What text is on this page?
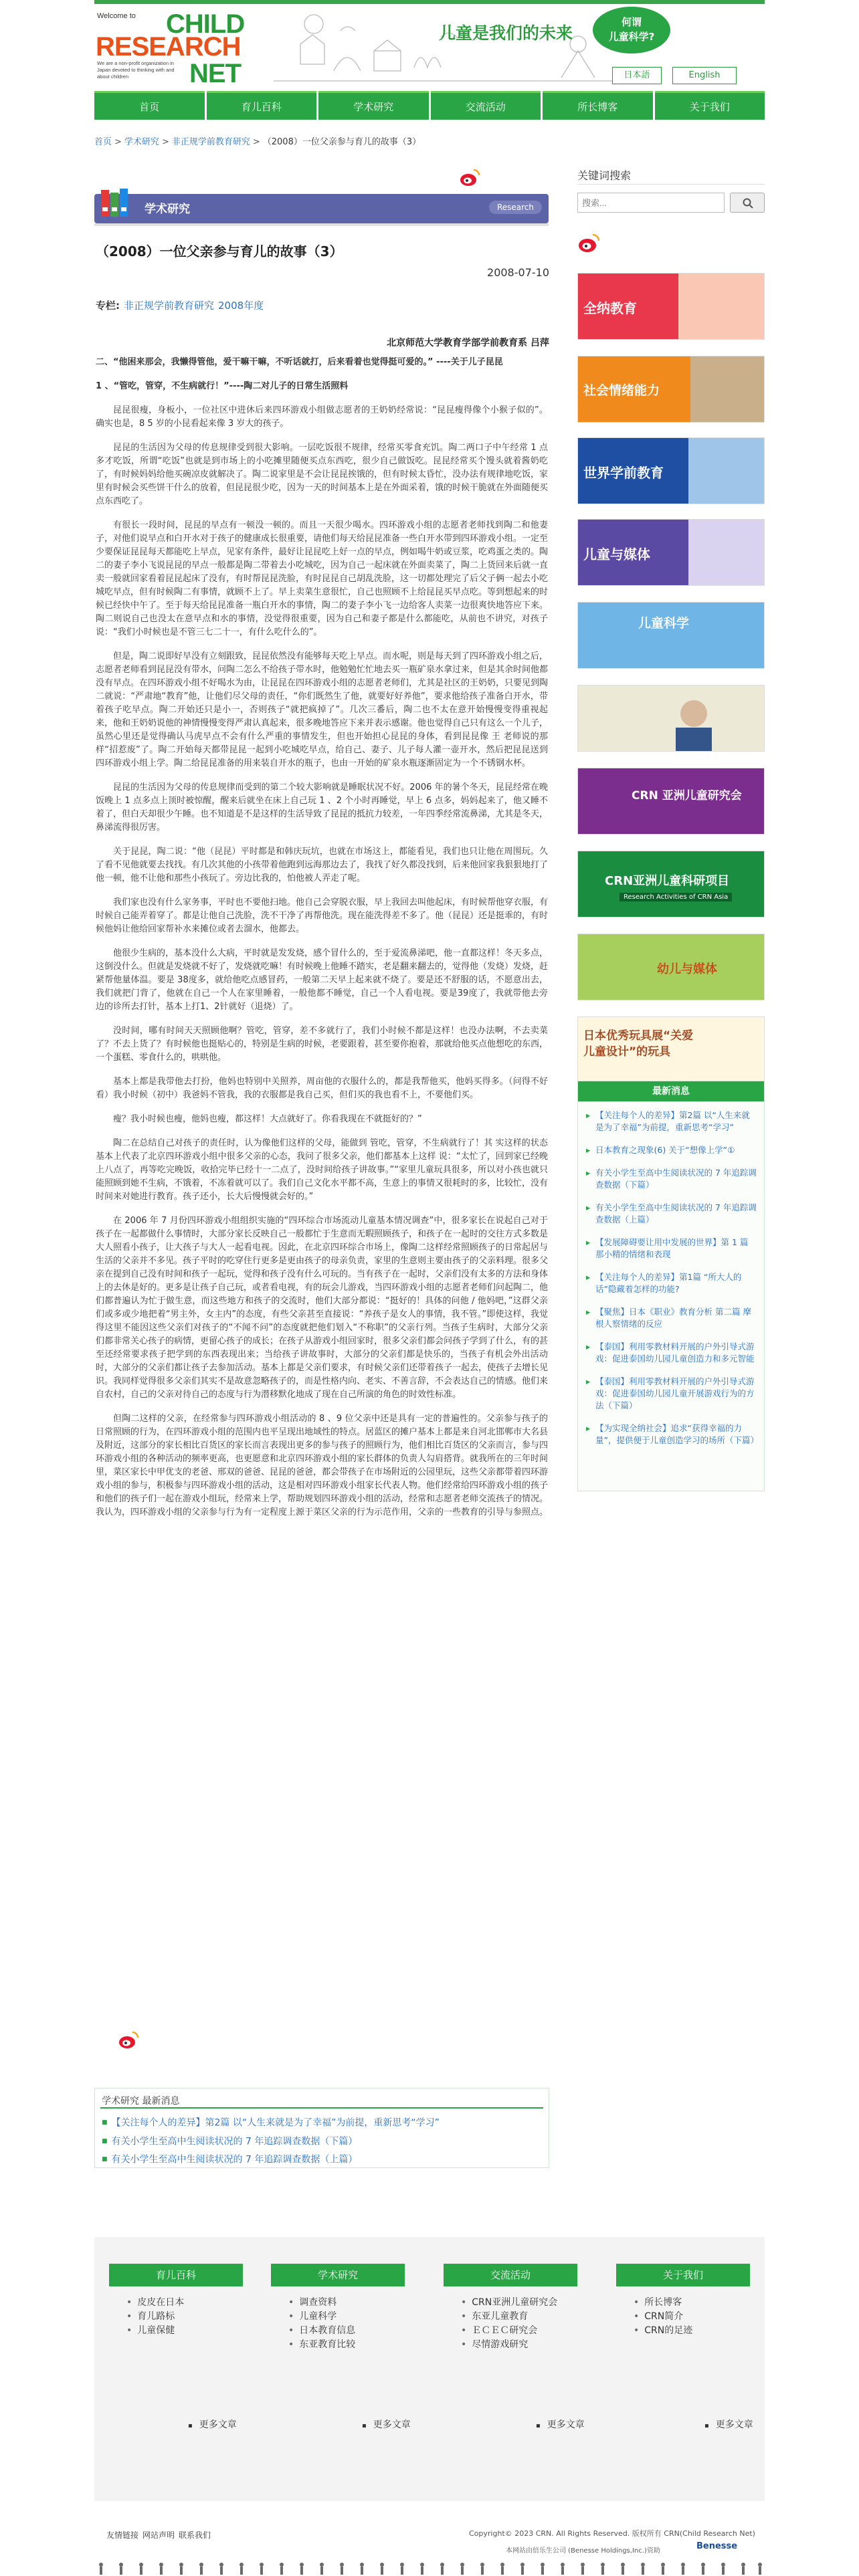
Welcome to CHILD
RESEARCH
We are a non-profit organization in Japan devoted to thinking with and about children	NET
儿童是我们的未来
何谓
儿童科学?
日本語	English
首页	育儿百科	学术研究	交流活动	所长博客	关于我们
首页 > 学术研究 > 非正规学前教育研究 > （2008）一位父亲参与育儿的故事（3）
学术研究	Research
（2008）一位父亲参与育儿的故事（3）
2008-07-10
专栏: 非正规学前教育研究 2008年度
北京师范大学教育学部学前教育系 吕萍

二、“他困来那会，我懒得管他，爱干嘛干嘛，不听话就打，后来看着也觉得挺可爱的。” ----关于儿子昆昆

1 、“管吃，管穿，不生病就行！”----陶二对儿子的日常生活照料

昆昆很瘦，身板小，一位社区中进休后来四环游戏小组做志愿者的王奶奶经常说：“昆昆瘦得像个小猴子似的”。确实也是，8 5 岁的小昆看起来像 3 岁大的孩子。

昆昆的生活因为父母的传息规律受到很大影响。一层吃饭很不规律，经常买零食充饥。陶二两口子中午经常 1 点多才吃饭，所谓“吃饭”也就是到市场上的小吃摊里随便买点东西吃，很少自己做饭吃。昆昆经常买个馒头就着酱奶吃了，有时候妈妈给他买碗凉皮就解决了。陶二说家里是不会让昆昆挨饿的，但有时候太昏忙，没办法有规律地吃饭，家里有时候会买些饼干什么的放着，但昆昆很少吃，因为一天的时间基本上是在外面采着，饿的时候干脆就在外面随便买点东西吃了。

有很长一段时间，昆昆的早点有一顿没一顿的。而且一天很少喝水。四环游戏小组的志愿者老师找到陶二和他妻子，对他们说早点和白开水对于孩子的健康成长很重要，请他们每天给昆昆准备一些白开水带到四环游戏小组。一定至少要保证昆昆每天都能吃上早点，见家有条件，最好让昆昆吃上好一点的早点，例如喝牛奶或豆浆，吃鸡蛋之类的。陶二的妻子李小飞说昆昆的早点一般都是陶二带着去小吃城吃，因为自己一起床就在外面卖菜了，陶二上货回来后就一直卖一般就回家看着昆昆起床了没有，有时帮昆昆洗脸，有时昆昆自己胡乱洗脸，这一切都处理完了后父子俩一起去小吃城吃早点，但有时候陶二有事情，就顾不上了。早上卖菜生意很忙，自己也照顾不上给昆昆买早点吃。等到想起来的时候已经快中午了。至于每天给昆昆准备一瓶白开水的事情，陶二的妻子李小飞一边给客人卖菜一边很爽快地答应下来。陶二则说自己也没太在意早点和水的事情，没觉得很重要，因为自己和妻子都是什么都能吃，从前也不讲究，对孩子说：“我们小时候也是不管三七二十一，有什么吃什么的”。

但是，陶二说即好早没有立刻跟致，昆昆依然没有能够每天吃上早点。而水呢，则是每天到了四环游戏小组之后，志愿者老师看到昆昆没有带水，问陶二怎么不给孩子带水时，他勉勉忙忙地去买一瓶矿泉水拿过来，但是其余时间他都没有早点。在四环游戏小组不好喝水为由，让昆昆在四环游戏小组的志愿者老师们，尤其是社区的王奶奶，只要见到陶二就说：“严肃地“教育”他，让他们尽父母的责任，“你们既然生了他，就要好好养他”，要求他给孩子准备白开水，带着孩子吃早点。陶二开始还只是小一，否则孩子“就把疯掉了”。几次三番后，陶二也不太在意开始慢慢变得重视起来，他和王奶奶说他的神情慢慢变得严肃认真起来，很多晚地答应下来并表示感谢。他也觉得自己只有这么一个儿子，虽然心里还是觉得确认马虎早点不会有什么严重的事情发生，但也开始担心昆昆的身体，看到昆昆像 王 老师说的那样“招惹废”了。陶二开始每天都带昆昆一起到小吃城吃早点，给自己、妻子、儿子每人灌一壶开水，然后把昆昆送到四环游戏小组上学。陶二给昆昆准备的用来装自开水的瓶子，也由一开始的矿泉水瓶逐渐固定为一个不锈钢水杯。

昆昆的生活因为父母的传息规律而受到的第二个较大影响就是睡眠状况不好。2006 年的暑个冬天，昆昆经常在晚饭晚上 1 点多点上顶时被惊醒，醒来后就坐在床上自己玩 1 、2 个小时再睡觉，早上 6 点多，妈妈起来了，他又睡不着了，但白天却很少午睡。也不知道是不是这样的生活导致了昆昆的抵抗力较差，一年四季经常流鼻涕，尤其是冬天，鼻涕流得很厉害。

关于昆昆，陶二说：“他（昆昆）平时都是和韩庆玩坑，也就在市场这上，都能看见，我们也只让他在周围玩。久了看不见他就要去找找。有几次其他的小孩带着他跑到远海那边去了，我找了好久都没找到，后来他回家我狠狠地打了他一顿，他不让他和那些小孩玩了。旁边比我的，怕他被人弄走了呢。

我们家也没有什么家务事，平时也不要他扫地。他自己会穿脱衣服，早上我回去叫他起床，有时候帮他穿衣服，有时候自己能弄着穿了。都是让他自己洗脸，洗不干净了再帮他洗。现在能洗得差不多了。他（昆昆）还是挺乖的，有时候他妈让他给回家帮补水来摊位或者去溜水，他都去。

他很少生病的，基本没什么大病，平时就是发发烧，感个冒什么的，至于爱流鼻涕吧，他一直都这样！冬天多点，这倒没什么。但就是发烧就不好了，发烧就吃嘛！有时候晚上他睡不踏实，老是翻来翻去的，觉得他（发烧）发烧，赶紧帮他量体温。要是 38度多，就给他吃点感冒药，一般第二天早上起来就不烧了。要是还不舒服的话，不愿意出去，我们就把门背了，他就在自己一个人在家里睡着，一般他都不睡觉，自己一个人看电视。要是39度了，我就带他去旁边的诊所去打针，基本上打1、2针就好（退烧）了。

没时间，哪有时间天天照顾他啊？管吃，管穿，差不多就行了，我们小时候不都是这样！也没办法啊，不去卖菜了？不去上货了？有时候他也挺贴心的，特别是生病的时候，老要跟着，甚至要你抱着，那就给他买点他想吃的东西，一个蛋糕、零食什么的，哄哄他。

基本上都是我带他去打扮，他妈也特别中关照养，周亩他的衣服什么的，都是我帮他买，他妈买得多。（问得不好看）我小时候（初中）我爸妈不管我，我的衣服都是我自己买，但们买的我也看不上，不要他们买。

瘦？我小时候也瘦，他妈也瘦，都这样！大点就好了。你看我现在不就挺好的？”

陶二在总结自己对孩子的责任时，认为像他们这样的父母，能做到 管吃，管穿，不生病就行了！其 实这样的状态基本上代表了北京四环游戏小组中很多父亲的心态，我问了很多父亲，他们都基本上这样 说：“太忙了，回到家已经晚上八点了，再等吃完晚饭，收拾完毕已经十一二点了，没时间给孩子讲故事。”“家里儿童玩具很多，所以对小孩也就只能照顾到她不生病，不饿着，不冻着就可以了。我们自己文化水平都不高，生意上的事情又很耗时的多，比较忙，没有时间来对她进行教育。孩子还小，长大后慢慢就会好的。”

在 2006 年 7 月份四环游戏小组组织实施的“四环综合市场流动儿童基本情况调查”中，很多家长在说起自己对于孩子在一起都做什么事情时，大部分家长反映自己一般都忙于生意而无暇照顾孩子，和孩子在一起时的交往方式多数是大人照看小孩子，让大孩子与大人一起看电视。因此，在北京四环综合市场上，像陶二这样经常照顾孩子的日常起居与生活的父亲并不多见。孩子平时的吃穿住行更多是更由孩子的母亲负责，家里的生意则主要由孩子的父亲料理。很多父亲在提到自己没有时间和孩子一起玩，觉得和孩子没有什么可玩的。当有孩子在一起时，父亲们没有太多的方法和身体上的去休是好的。更多是让孩子自己玩，或者看电视，有的玩会儿游戏，当四环游戏小组的志愿者老师们问起陶二，他们都普遍认为忙于做生意，而这些地方和孩子的交流时，他们大部分都说：“挺好的！具体的问他 / 他妈吧，”这群父亲们或多或少地把着“男主外，女主内”的态度，有些父亲甚至直接说：“养孩子是女人的事情，我不管。”即使这样，我觉得这里不能因这些父亲们对孩子的“不闻不问”的态度就把他们划入“不称职”的父亲行列。当孩子生病时，大部分父亲们都非常关心孩子的病情，更留心孩子的成长；在孩子从游戏小组回家时，很多父亲们都会问孩子学到了什么，有的甚至还经常要求孩子把学到的东西表现出来；当给孩子讲故事时，大部分的父亲们都是快乐的，当孩子有机会外出活动时，大部分的父亲们都让孩子去参加活动。基本上都是父亲们要求，有时候父亲们还带着孩子一起去，使孩子去增长见识。我同样觉得很多父亲们其实不是故意忽略孩子的，而是性格内向、老实、不善言辞，不会表达自己的情感。他们来自农村，自己的父亲对待自己的态度与行为潜移默化地成了现在自己所演的角色的时效性标准。

但陶二这样的父亲，在经常参与四环游戏小组活动的 8 、9 位父亲中还是具有一定的普遍性的。父亲参与孩子的日常照顾的行为，在四环游戏小组的范围内也平呈现出地域性的特点。居蓝区的摊户基本上都是来自河北邯郸市大名县及附近，这部分的家长相比百货区的家长而言表现出更多的参与孩子的照顾行为，他们相比百货区的父亲而言，参与四环游戏小组的各种活动的频率更高，也更愿意和北京四环游戏小组的家长群体的负责人勾肩搭背。就我所在的三年时间里，菜区家长中甲优支的老爸、邢双的爸爸、昆昆的爸爸，都会带孩子在市场附近的公园里玩，这些父亲都带着四环游戏小组的参与，积极参与四环游戏小组的活动，这是相对四环游戏小组家长代表人物。他们经常给四环游戏小组的孩子和他们的孩子们一起在游戏小组玩，经常来上学，帮助规划四环游戏小组的活动，经常和志愿者老师交流孩子的情况。我认为，四环游戏小组的父亲参与行为有一定程度上源于菜区父亲的行为示范作用，父亲的一些教育的引导与参照点。

学术研究 最新消息
■ 【关注每个人的差异】第2篇 以“人生来就是为了幸福”为前提，重新思考“学习”
■ 有关小学生至高中生阅读状况的 7 年追踪调查数据（下篇）
■ 有关小学生至高中生阅读状况的 7 年追踪调查数据（上篇）
关键词搜索
搜索...
全纳教育
社会情绪能力
世界学前教育
儿童与媒体
儿童科学
CRN 亚洲儿童研究会
CRN亚洲儿童科研项目
Research Activities of CRN Asia
幼儿与媒体
日本优秀玩具展“关爱儿童设计”的玩具
最新消息
▸ 【关注每个人的差异】第2篇 以“人生来就是为了幸福”为前提，重新思考“学习”
▸ 日本教育之现象(6) 关于“想像上学”①
▸ 有关小学生至高中生阅读状况的 7 年追踪调查数据（下篇）
▸ 有关小学生至高中生阅读状况的 7 年追踪调查数据（上篇）
▸ 【发展障碍要让用中发展的世界】第 1 篇 那小精的情绪和表现
▸ 【关注每个人的差异】第1篇 “所大人的话”隐藏着怎样的功能?
▸ 【聚焦】日本《职业》教育分析 第二篇 摩根人察情绪的反应
▸ 【泰国】利用零教材料开展的户外引导式游戏：促进泰国幼儿园儿童创造力和多元智能
▸ 【泰国】利用零教材料开展的户外引导式游戏：促进泰国幼儿园儿童开展游戏行为的方法（下篇）
▸ 【为实现全纳社会】追求“获得幸福的力量”，提供便于儿童创造学习的场所（下篇）
育儿百科
• 皮皮在日本
• 育儿路标
• 儿童保健
学术研究
• 调查资料
• 儿童科学
• 日本教育信息
• 东亚教育比较
交流活动
• CRN亚洲儿童研究会
• 东亚儿童教育
• ＥＣＥＣ研究会
• 尽情游戏研究
关于我们
• 所长博客
• CRN简介
• CRN的足迹
▪ 更多文章	▪ 更多文章	▪ 更多文章	▪ 更多文章
友情链接 网站声明 联系我们	Copyright© 2023 CRN. All Rights Reserved. 版权所有 CRN(Child Research Net)
本网站由倍乐生公司 (Benesse Holdings,Inc.)资助	Benesse
